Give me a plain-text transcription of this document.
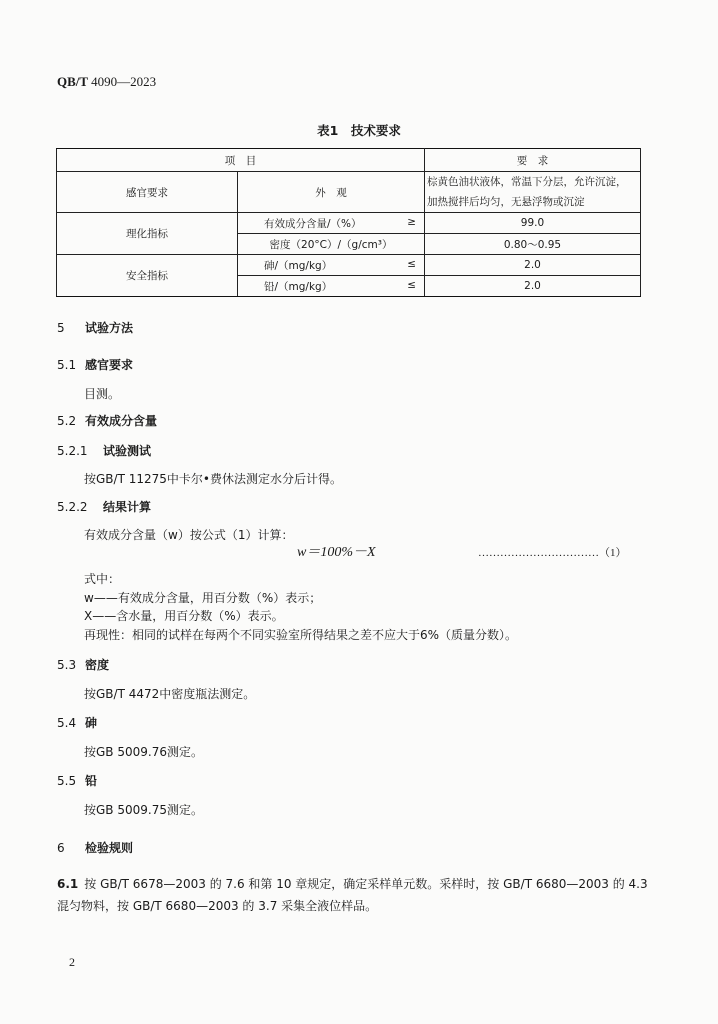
QB/T 4090—2023
表1　技术要求
项　目		要　求
感官要求	外　观	棕黄色油状液体，常温下分层，允许沉淀，
加热搅拌后均匀，无悬浮物或沉淀

理化指标	有效成分含量/（%） ≥	99.0
	密度（20°C）/（g/cm³）	0.80～0.95
安全指标	砷/（mg/kg） ≤	2.0

	铅/（mg/kg） ≤	2.0
5 试验方法
5.1 感官要求
目测。
5.2 有效成分含量
5.2.1 试验测试
按GB/T 11275中卡尔•费休法测定水分后计得。
5.2.2 结果计算
有效成分含量（w）按公式（1）计算：
w＝100%－X	……………………………（1）
式中：
w——有效成分含量，用百分数（%）表示；
X——含水量，用百分数（%）表示。
再现性：相同的试样在每两个不同实验室所得结果之差不应大于6%（质量分数）。
5.3 密度
按GB/T 4472中密度瓶法测定。
5.4 砷
按GB 5009.76测定。
5.5 铅
按GB 5009.75测定。
6 检验规则
6.1 按 GB/T 6678—2003 的 7.6 和第 10 章规定，确定采样单元数。采样时，按 GB/T 6680—2003 的 4.3 混匀物料，按 GB/T 6680—2003 的 3.7 采集全液位样品。
2
